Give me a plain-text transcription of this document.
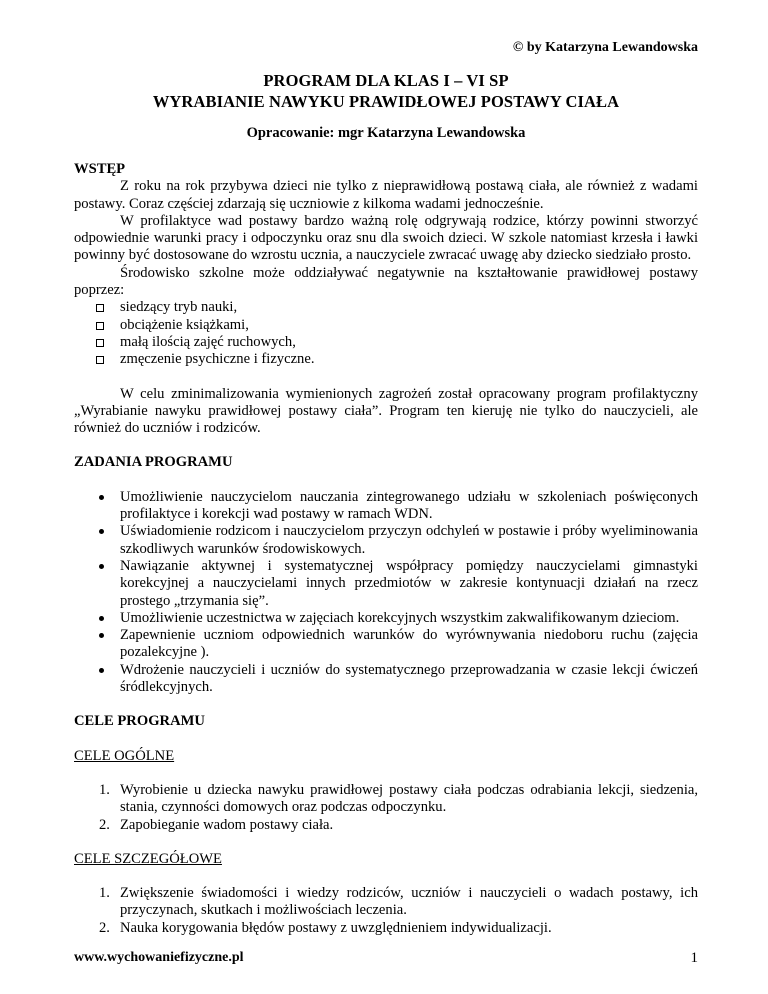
© by Katarzyna Lewandowska
PROGRAM DLA KLAS I – VI SP
WYRABIANIE NAWYKU PRAWIDŁOWEJ POSTAWY CIAŁA
Opracowanie: mgr Katarzyna Lewandowska
WSTĘP

Z roku na rok przybywa dzieci nie tylko z nieprawidłową postawą ciała, ale również z wadami postawy. Coraz częściej zdarzają się uczniowie z kilkoma wadami jednocześnie.

W profilaktyce wad postawy bardzo ważną rolę odgrywają rodzice, którzy powinni stworzyć odpowiednie warunki pracy i odpoczynku oraz snu dla swoich dzieci. W szkole natomiast krzesła i ławki powinny być dostosowane do wzrostu ucznia, a nauczyciele zwracać uwagę aby dziecko siedziało prosto.

Środowisko szkolne może oddziaływać negatywnie na kształtowanie prawidłowej postawy poprzez:

siedzący tryb nauki,
obciążenie książkami,
małą ilością zajęć ruchowych,
zmęczenie psychiczne i fizyczne.

W celu zminimalizowania wymienionych zagrożeń został opracowany program profilaktyczny „Wyrabianie nawyku prawidłowej postawy ciała”. Program ten kieruję nie tylko do nauczycieli, ale również do uczniów i rodziców.

ZADANIA PROGRAMU
Umożliwienie nauczycielom nauczania zintegrowanego udziału w szkoleniach poświęconych profilaktyce i korekcji wad postawy w ramach WDN.
Uświadomienie rodzicom i nauczycielom przyczyn odchyleń w postawie i próby wyeliminowania szkodliwych warunków środowiskowych.
Nawiązanie aktywnej i systematycznej współpracy pomiędzy nauczycielami gimnastyki korekcyjnej a nauczycielami innych przedmiotów w zakresie kontynuacji działań na rzecz prostego „trzymania się”.
Umożliwienie uczestnictwa w zajęciach korekcyjnych wszystkim zakwalifikowanym dzieciom.
Zapewnienie uczniom odpowiednich warunków do wyrównywania niedoboru ruchu (zajęcia pozalekcyjne ).
Wdrożenie nauczycieli i uczniów do systematycznego przeprowadzania w czasie lekcji ćwiczeń śródlekcyjnych.
CELE PROGRAMU
CELE OGÓLNE
1. Wyrobienie u dziecka nawyku prawidłowej postawy ciała podczas odrabiania lekcji, siedzenia, stania, czynności domowych oraz podczas odpoczynku.
2. Zapobieganie wadom postawy ciała.
CELE SZCZEGÓŁOWE
1. Zwiększenie świadomości i wiedzy rodziców, uczniów i nauczycieli o wadach postawy, ich przyczynach, skutkach i możliwościach leczenia.
2. Nauka korygowania błędów postawy z uwzględnieniem indywidualizacji.
www.wychowaniefizyczne.pl	1
